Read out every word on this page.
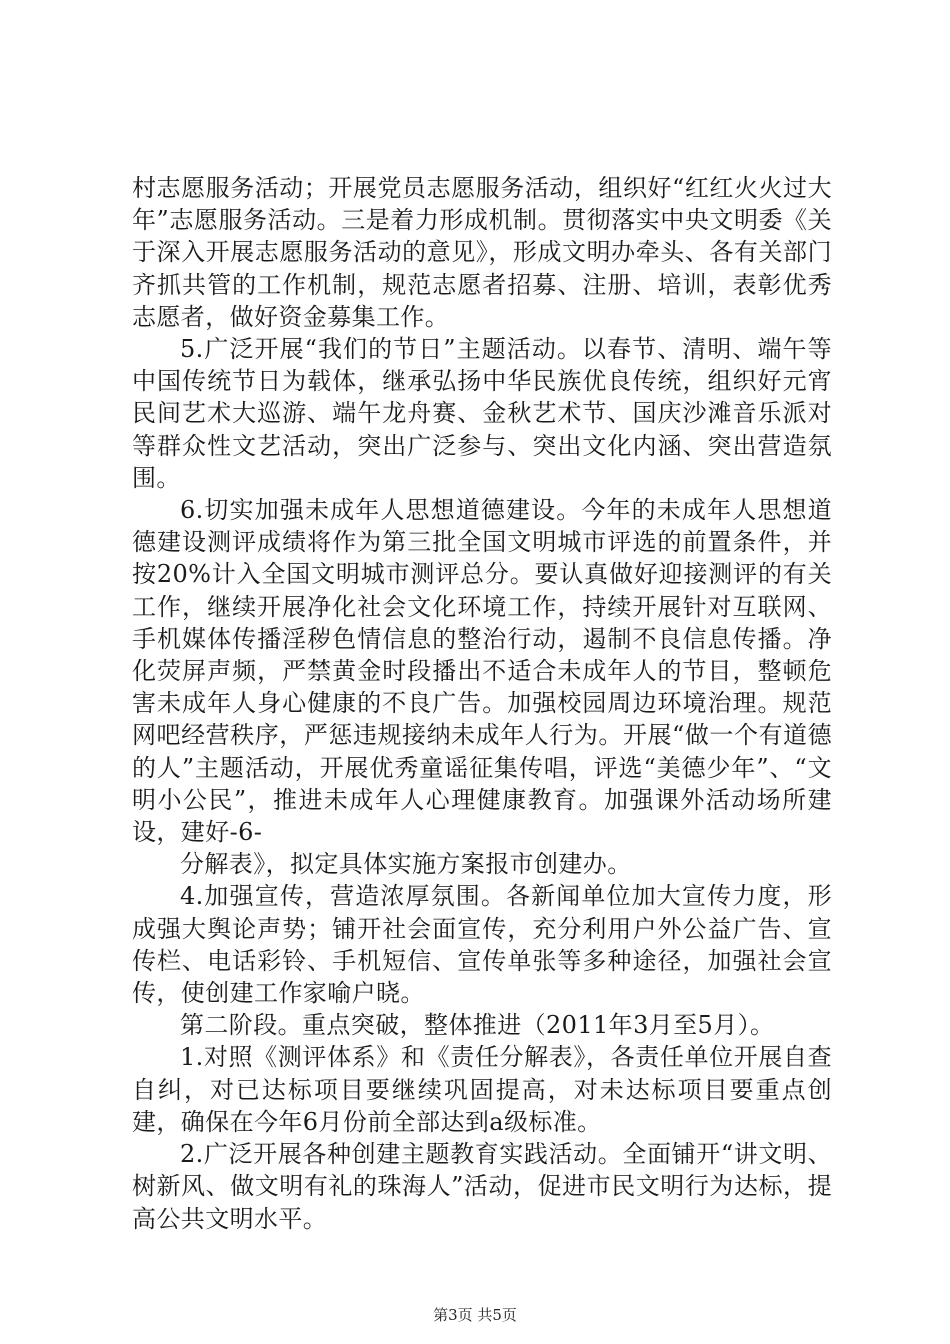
村志愿服务活动；开展党员志愿服务活动，组织好“红红火火过大年”志愿服务活动。三是着力形成机制。贯彻落实中央文明委《关于深入开展志愿服务活动的意见》，形成文明办牵头、各有关部门齐抓共管的工作机制，规范志愿者招募、注册、培训，表彰优秀志愿者，做好资金募集工作。

5.广泛开展“我们的节日”主题活动。以春节、清明、端午等中国传统节日为载体，继承弘扬中华民族优良传统，组织好元宵民间艺术大巡游、端午龙舟赛、金秋艺术节、国庆沙滩音乐派对等群众性文艺活动，突出广泛参与、突出文化内涵、突出营造氛围。

6.切实加强未成年人思想道德建设。今年的未成年人思想道德建设测评成绩将作为第三批全国文明城市评选的前置条件，并按20%计入全国文明城市测评总分。要认真做好迎接测评的有关工作，继续开展净化社会文化环境工作，持续开展针对互联网、手机媒体传播淫秽色情信息的整治行动，遏制不良信息传播。净化荧屏声频，严禁黄金时段播出不适合未成年人的节目，整顿危害未成年人身心健康的不良广告。加强校园周边环境治理。规范网吧经营秩序，严惩违规接纳未成年人行为。开展“做一个有道德的人”主题活动，开展优秀童谣征集传唱，评选“美德少年”、“文明小公民”，推进未成年人心理健康教育。加强课外活动场所建设，建好-6-

分解表》，拟定具体实施方案报市创建办。

4.加强宣传，营造浓厚氛围。各新闻单位加大宣传力度，形成强大舆论声势；铺开社会面宣传，充分利用户外公益广告、宣传栏、电话彩铃、手机短信、宣传单张等多种途径，加强社会宣传，使创建工作家喻户晓。

第二阶段。重点突破，整体推进（2011年3月至5月）。

1.对照《测评体系》和《责任分解表》，各责任单位开展自查自纠，对已达标项目要继续巩固提高，对未达标项目要重点创建，确保在今年6月份前全部达到a级标准。

2.广泛开展各种创建主题教育实践活动。全面铺开“讲文明、树新风、做文明有礼的珠海人”活动，促进市民文明行为达标，提高公共文明水平。

第3页 共5页
